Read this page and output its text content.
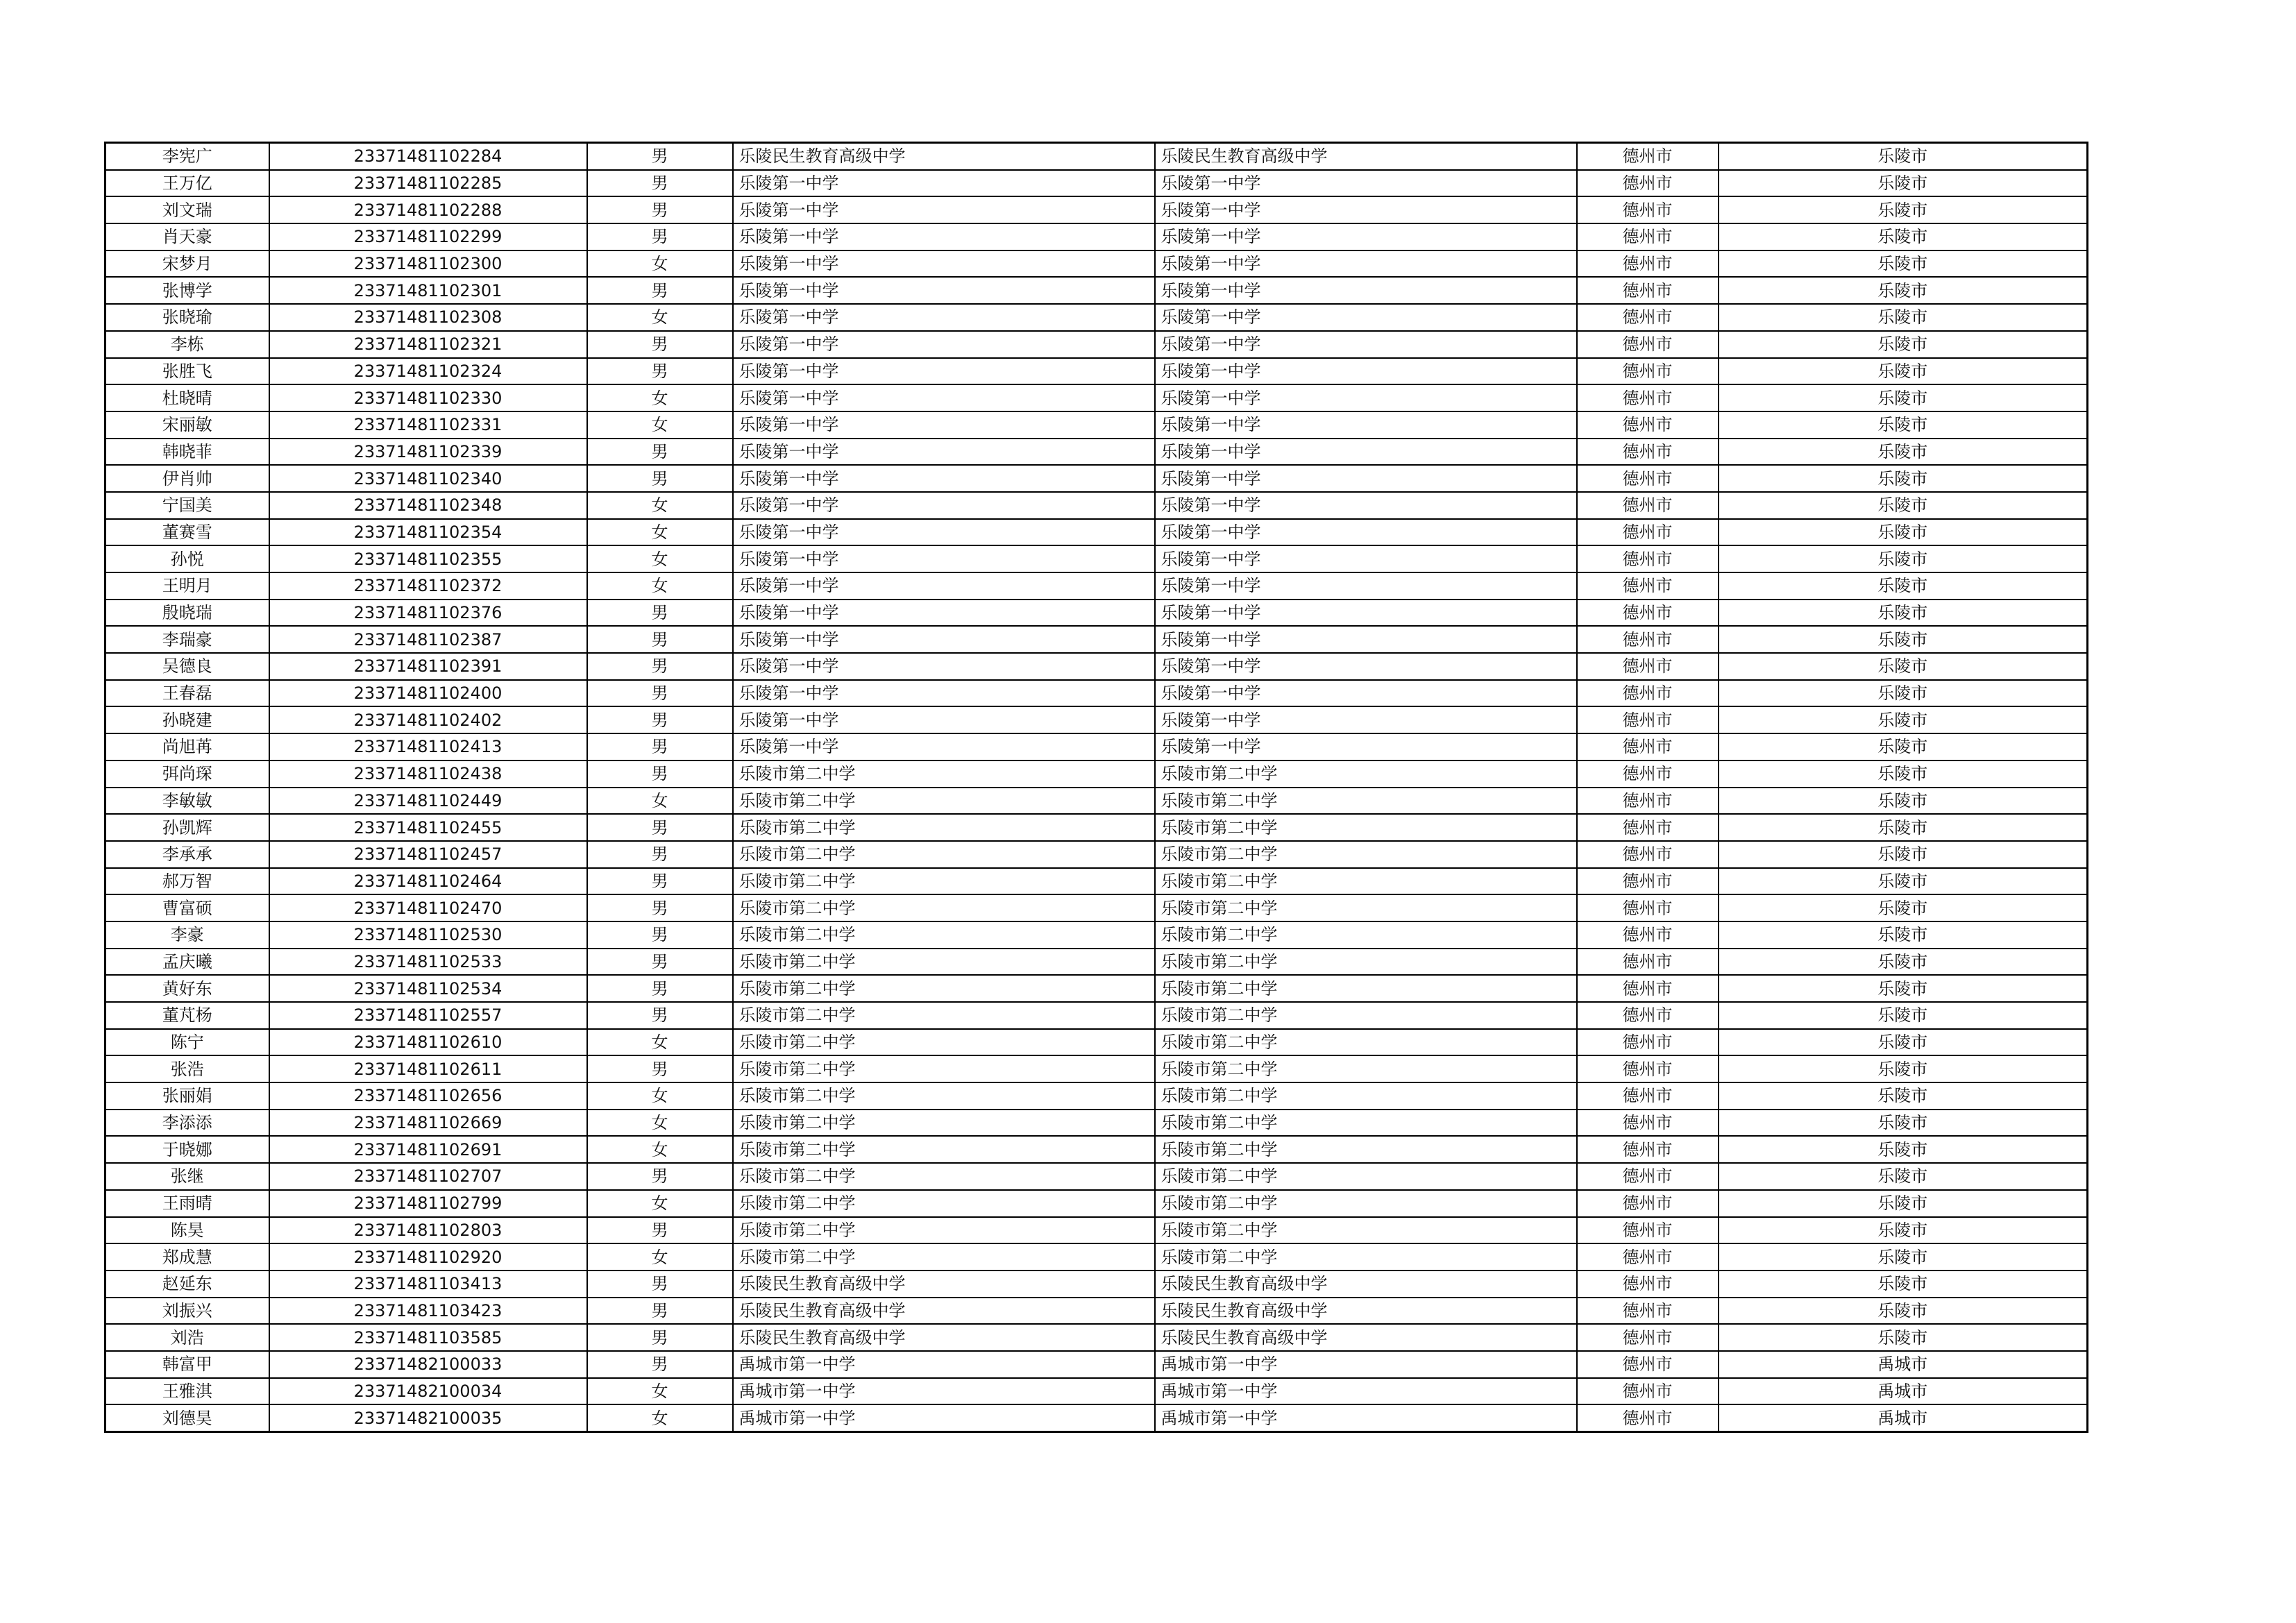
李宪广	23371481102284	男	乐陵民生教育高级中学	乐陵民生教育高级中学	德州市	乐陵市
王万亿	23371481102285	男	乐陵第一中学	乐陵第一中学	德州市	乐陵市
刘文瑞	23371481102288	男	乐陵第一中学	乐陵第一中学	德州市	乐陵市
肖天豪	23371481102299	男	乐陵第一中学	乐陵第一中学	德州市	乐陵市
宋梦月	23371481102300	女	乐陵第一中学	乐陵第一中学	德州市	乐陵市
张博学	23371481102301	男	乐陵第一中学	乐陵第一中学	德州市	乐陵市
张晓瑜	23371481102308	女	乐陵第一中学	乐陵第一中学	德州市	乐陵市
李栋	23371481102321	男	乐陵第一中学	乐陵第一中学	德州市	乐陵市
张胜飞	23371481102324	男	乐陵第一中学	乐陵第一中学	德州市	乐陵市
杜晓晴	23371481102330	女	乐陵第一中学	乐陵第一中学	德州市	乐陵市
宋丽敏	23371481102331	女	乐陵第一中学	乐陵第一中学	德州市	乐陵市
韩晓菲	23371481102339	男	乐陵第一中学	乐陵第一中学	德州市	乐陵市
伊肖帅	23371481102340	男	乐陵第一中学	乐陵第一中学	德州市	乐陵市
宁国美	23371481102348	女	乐陵第一中学	乐陵第一中学	德州市	乐陵市
董赛雪	23371481102354	女	乐陵第一中学	乐陵第一中学	德州市	乐陵市
孙悦	23371481102355	女	乐陵第一中学	乐陵第一中学	德州市	乐陵市
王明月	23371481102372	女	乐陵第一中学	乐陵第一中学	德州市	乐陵市
殷晓瑞	23371481102376	男	乐陵第一中学	乐陵第一中学	德州市	乐陵市
李瑞豪	23371481102387	男	乐陵第一中学	乐陵第一中学	德州市	乐陵市
吴德良	23371481102391	男	乐陵第一中学	乐陵第一中学	德州市	乐陵市
王春磊	23371481102400	男	乐陵第一中学	乐陵第一中学	德州市	乐陵市
孙晓建	23371481102402	男	乐陵第一中学	乐陵第一中学	德州市	乐陵市
尚旭苒	23371481102413	男	乐陵第一中学	乐陵第一中学	德州市	乐陵市
弭尚琛	23371481102438	男	乐陵市第二中学	乐陵市第二中学	德州市	乐陵市
李敏敏	23371481102449	女	乐陵市第二中学	乐陵市第二中学	德州市	乐陵市
孙凯辉	23371481102455	男	乐陵市第二中学	乐陵市第二中学	德州市	乐陵市
李承承	23371481102457	男	乐陵市第二中学	乐陵市第二中学	德州市	乐陵市
郝万智	23371481102464	男	乐陵市第二中学	乐陵市第二中学	德州市	乐陵市
曹富硕	23371481102470	男	乐陵市第二中学	乐陵市第二中学	德州市	乐陵市
李豪	23371481102530	男	乐陵市第二中学	乐陵市第二中学	德州市	乐陵市
孟庆曦	23371481102533	男	乐陵市第二中学	乐陵市第二中学	德州市	乐陵市
黄好东	23371481102534	男	乐陵市第二中学	乐陵市第二中学	德州市	乐陵市
董芃杨	23371481102557	男	乐陵市第二中学	乐陵市第二中学	德州市	乐陵市
陈宁	23371481102610	女	乐陵市第二中学	乐陵市第二中学	德州市	乐陵市
张浩	23371481102611	男	乐陵市第二中学	乐陵市第二中学	德州市	乐陵市
张丽娟	23371481102656	女	乐陵市第二中学	乐陵市第二中学	德州市	乐陵市
李添添	23371481102669	女	乐陵市第二中学	乐陵市第二中学	德州市	乐陵市
于晓娜	23371481102691	女	乐陵市第二中学	乐陵市第二中学	德州市	乐陵市
张继	23371481102707	男	乐陵市第二中学	乐陵市第二中学	德州市	乐陵市
王雨晴	23371481102799	女	乐陵市第二中学	乐陵市第二中学	德州市	乐陵市
陈昊	23371481102803	男	乐陵市第二中学	乐陵市第二中学	德州市	乐陵市
郑成慧	23371481102920	女	乐陵市第二中学	乐陵市第二中学	德州市	乐陵市
赵延东	23371481103413	男	乐陵民生教育高级中学	乐陵民生教育高级中学	德州市	乐陵市
刘振兴	23371481103423	男	乐陵民生教育高级中学	乐陵民生教育高级中学	德州市	乐陵市
刘浩	23371481103585	男	乐陵民生教育高级中学	乐陵民生教育高级中学	德州市	乐陵市
韩富甲	23371482100033	男	禹城市第一中学	禹城市第一中学	德州市	禹城市
王雅淇	23371482100034	女	禹城市第一中学	禹城市第一中学	德州市	禹城市
刘德昊	23371482100035	女	禹城市第一中学	禹城市第一中学	德州市	禹城市
